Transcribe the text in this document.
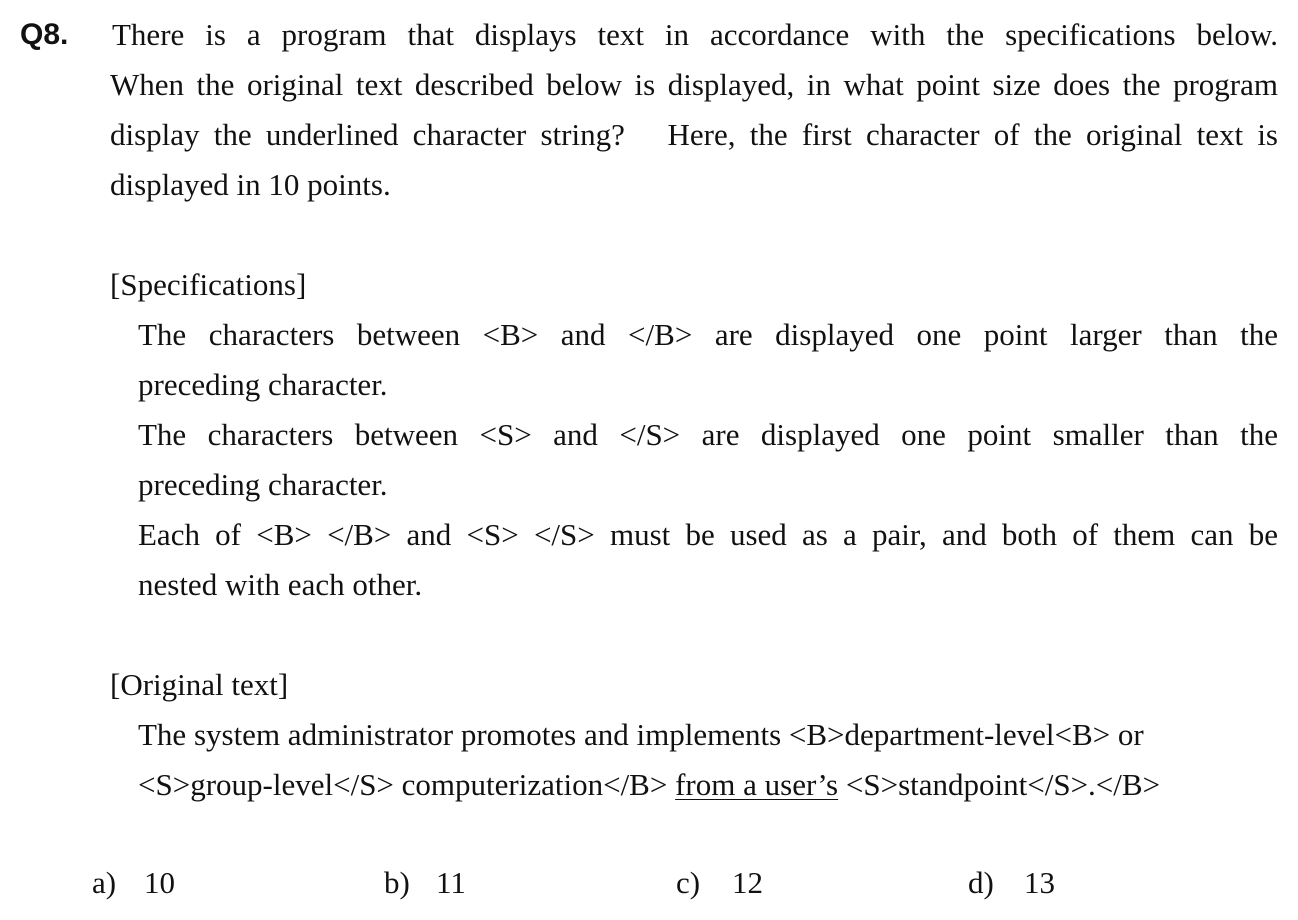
Q8. There is a program that displays text in accordance with the specifications below.
When the original text described below is displayed, in what point size does the program
display the underlined character string?   Here, the first character of the original text is
displayed in 10 points.
[Specifications]
The characters between <B> and </B> are displayed one point larger than the
preceding character.
The characters between <S> and </S> are displayed one point smaller than the
preceding character.
Each of <B> </B> and <S> </S> must be used as a pair, and both of them can be
nested with each other.
[Original text]
The system administrator promotes and implements <B>department-level<B> or
<S>group-level</S> computerization</B> from a user’s <S>standpoint</S>.</B>
a) 10	b) 11	c) 12	d) 13
